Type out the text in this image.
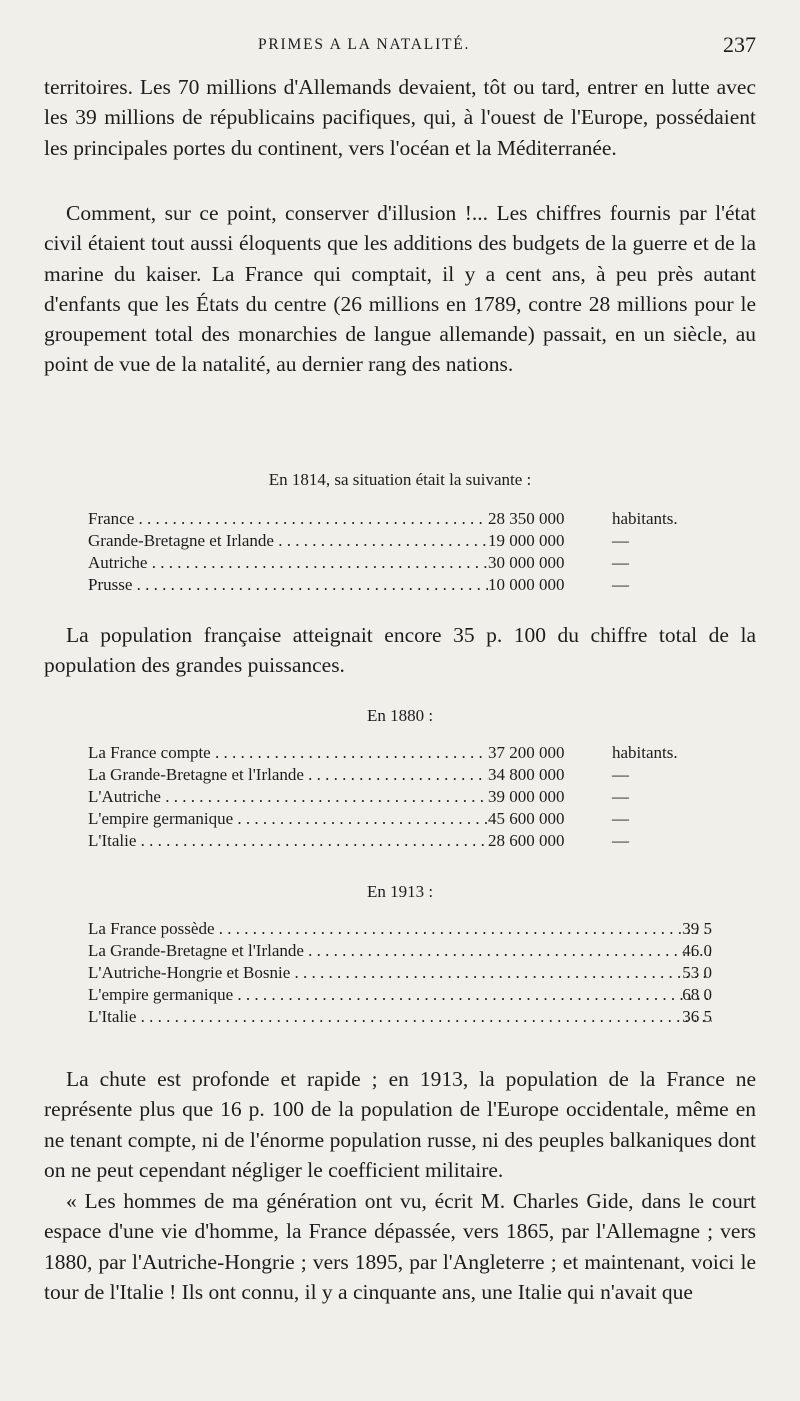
PRIMES A LA NATALITÉ.	237

territoires. Les 70 millions d'Allemands devaient, tôt ou tard, entrer en lutte avec les 39 millions de républicains pacifiques, qui, à l'ouest de l'Europe, possédaient les principales portes du continent, vers l'océan et la Méditerranée.

Comment, sur ce point, conserver d'illusion !... Les chiffres fournis par l'état civil étaient tout aussi éloquents que les additions des budgets de la guerre et de la marine du kaiser. La France qui comptait, il y a cent ans, à peu près autant d'enfants que les États du centre (26 millions en 1789, contre 28 millions pour le groupement total des monarchies de langue allemande) passait, en un siècle, au point de vue de la natalité, au dernier rang des nations.

En 1814, sa situation était la suivante :
France . . .	28 350 000	habitants.
Grande-Bretagne et Irlande . . .	19 000 000	—
Autriche . . .	30 000 000	—
Prusse . . .	10 000 000	—

La population française atteignait encore 35 p. 100 du chiffre total de la population des grandes puissances.

En 1880 :
La France compte . . .	37 200 000	habitants.
La Grande-Bretagne et l'Irlande . . .	34 800 000	—
L'Autriche . . .	39 000 000	—
L'empire germanique . . .	45 600 000	—
L'Italie . . .	28 600 000	—
En 1913 :
La France possède . . .	39 5
La Grande-Bretagne et l'Irlande . . .	46 0
L'Autriche-Hongrie et Bosnie . . .	53 0
L'empire germanique . . .	68 0
L'Italie . . .	36 5

La chute est profonde et rapide ; en 1913, la population de la France ne représente plus que 16 p. 100 de la population de l'Europe occidentale, même en ne tenant compte, ni de l'énorme population russe, ni des peuples balkaniques dont on ne peut cependant négliger le coefficient militaire.

« Les hommes de ma génération ont vu, écrit M. Charles Gide, dans le court espace d'une vie d'homme, la France dépassée, vers 1865, par l'Allemagne ; vers 1880, par l'Autriche-Hongrie ; vers 1895, par l'Angleterre ; et maintenant, voici le tour de l'Italie ! Ils ont connu, il y a cinquante ans, une Italie qui n'avait que
